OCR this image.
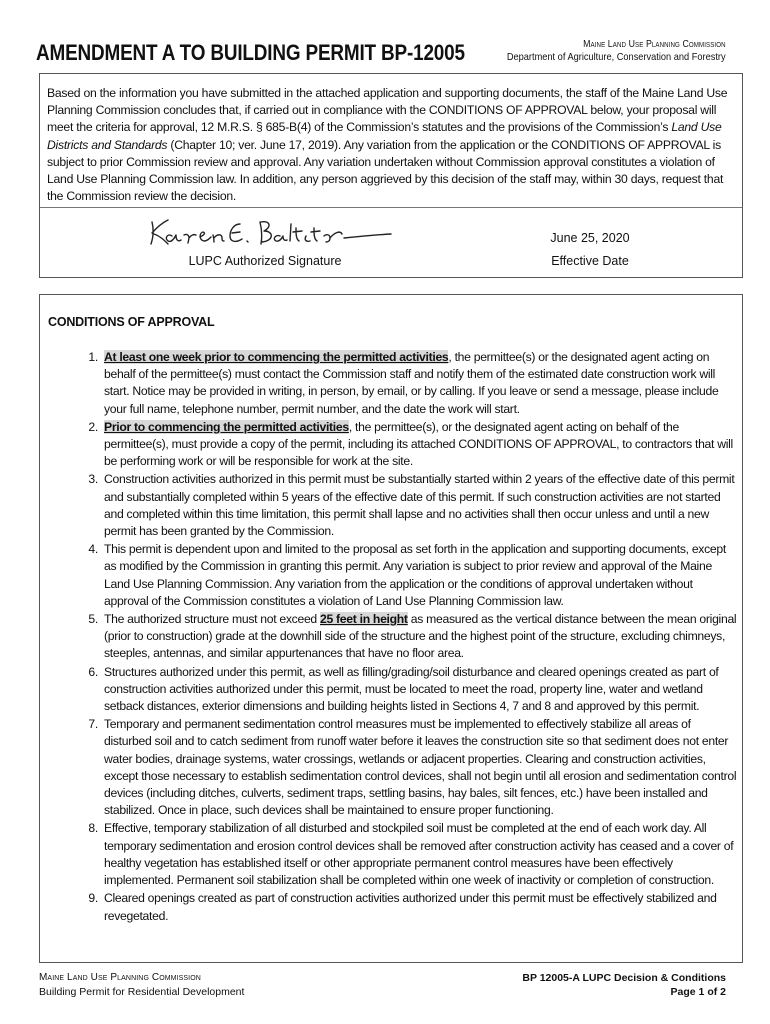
AMENDMENT A TO BUILDING PERMIT BP-12005	Maine Land Use Planning Commission
Department of Agriculture, Conservation and Forestry
Based on the information you have submitted in the attached application and supporting documents, the staff of the Maine Land Use Planning Commission concludes that, if carried out in compliance with the CONDITIONS OF APPROVAL below, your proposal will meet the criteria for approval, 12 M.R.S. § 685-B(4) of the Commission’s statutes and the provisions of the Commission’s Land Use Districts and Standards (Chapter 10; ver. June 17, 2019). Any variation from the application or the CONDITIONS OF APPROVAL is subject to prior Commission review and approval. Any variation undertaken without Commission approval constitutes a violation of Land Use Planning Commission law. In addition, any person aggrieved by this decision of the staff may, within 30 days, request that the Commission review the decision.
LUPC Authorized Signature
June 25, 2020
Effective Date
CONDITIONS OF APPROVAL
1. At least one week prior to commencing the permitted activities, the permittee(s) or the designated agent acting on behalf of the permittee(s) must contact the Commission staff and notify them of the estimated date construction work will start. Notice may be provided in writing, in person, by email, or by calling. If you leave or send a message, please include your full name, telephone number, permit number, and the date the work will start.
2. Prior to commencing the permitted activities, the permittee(s), or the designated agent acting on behalf of the permittee(s), must provide a copy of the permit, including its attached CONDITIONS OF APPROVAL, to contractors that will be performing work or will be responsible for work at the site.
3. Construction activities authorized in this permit must be substantially started within 2 years of the effective date of this permit and substantially completed within 5 years of the effective date of this permit. If such construction activities are not started and completed within this time limitation, this permit shall lapse and no activities shall then occur unless and until a new permit has been granted by the Commission.
4. This permit is dependent upon and limited to the proposal as set forth in the application and supporting documents, except as modified by the Commission in granting this permit. Any variation is subject to prior review and approval of the Maine Land Use Planning Commission. Any variation from the application or the conditions of approval undertaken without approval of the Commission constitutes a violation of Land Use Planning Commission law.
5. The authorized structure must not exceed 25 feet in height as measured as the vertical distance between the mean original (prior to construction) grade at the downhill side of the structure and the highest point of the structure, excluding chimneys, steeples, antennas, and similar appurtenances that have no floor area.
6. Structures authorized under this permit, as well as filling/grading/soil disturbance and cleared openings created as part of construction activities authorized under this permit, must be located to meet the road, property line, water and wetland setback distances, exterior dimensions and building heights listed in Sections 4, 7 and 8 and approved by this permit.
7. Temporary and permanent sedimentation control measures must be implemented to effectively stabilize all areas of disturbed soil and to catch sediment from runoff water before it leaves the construction site so that sediment does not enter water bodies, drainage systems, water crossings, wetlands or adjacent properties. Clearing and construction activities, except those necessary to establish sedimentation control devices, shall not begin until all erosion and sedimentation control devices (including ditches, culverts, sediment traps, settling basins, hay bales, silt fences, etc.) have been installed and stabilized. Once in place, such devices shall be maintained to ensure proper functioning.
8. Effective, temporary stabilization of all disturbed and stockpiled soil must be completed at the end of each work day. All temporary sedimentation and erosion control devices shall be removed after construction activity has ceased and a cover of healthy vegetation has established itself or other appropriate permanent control measures have been effectively implemented. Permanent soil stabilization shall be completed within one week of inactivity or completion of construction.
9. Cleared openings created as part of construction activities authorized under this permit must be effectively stabilized and revegetated.
Maine Land Use Planning Commission
Building Permit for Residential Development
BP 12005-A LUPC Decision & Conditions
Page 1 of 2
